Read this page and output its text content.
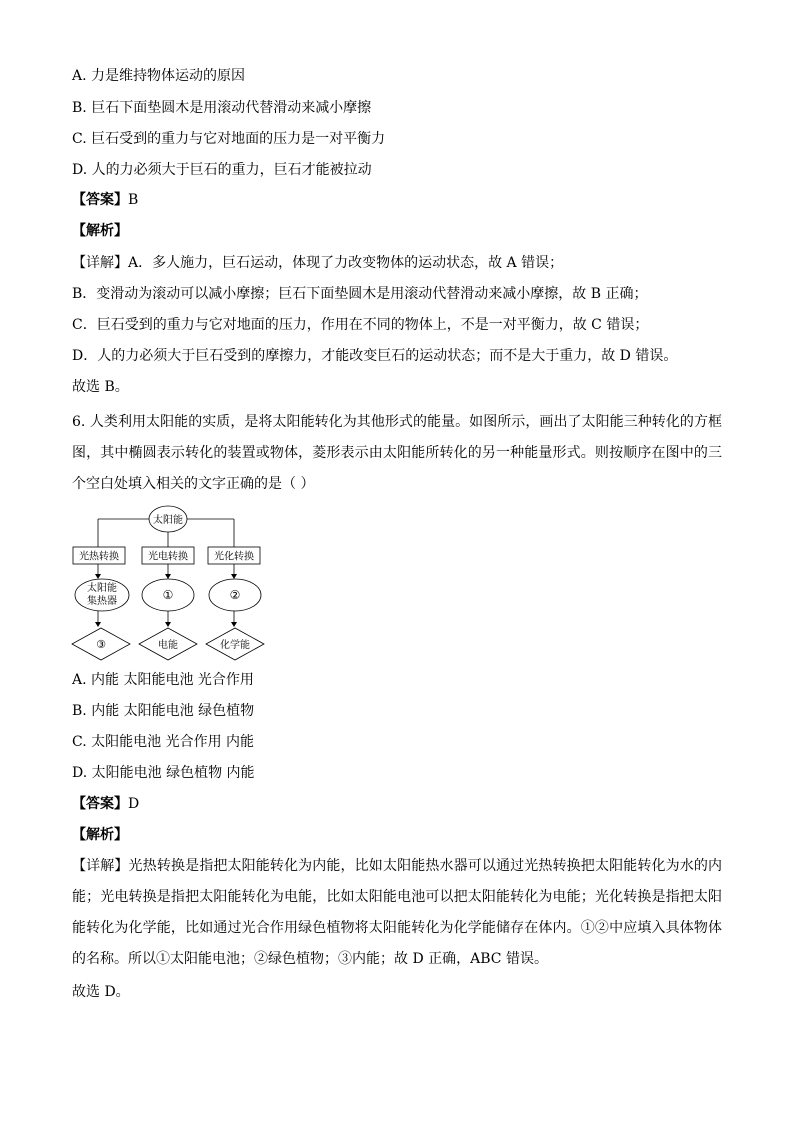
A. 力是维持物体运动的原因
B. 巨石下面垫圆木是用滚动代替滑动来减小摩擦
C. 巨石受到的重力与它对地面的压力是一对平衡力
D. 人的力必须大于巨石的重力，巨石才能被拉动
【答案】B
【解析】
【详解】A．多人施力，巨石运动，体现了力改变物体的运动状态，故 A 错误；
B．变滑动为滚动可以减小摩擦；巨石下面垫圆木是用滚动代替滑动来减小摩擦，故 B 正确；
C．巨石受到的重力与它对地面的压力，作用在不同的物体上，不是一对平衡力，故 C 错误；
D．人的力必须大于巨石受到的摩擦力，才能改变巨石的运动状态；而不是大于重力，故 D 错误。
故选 B。
6. 人类利用太阳能的实质，是将太阳能转化为其他形式的能量。如图所示，画出了太阳能三种转化的方框图，其中椭圆表示转化的装置或物体，菱形表示由太阳能所转化的另一种能量形式。则按顺序在图中的三个空白处填入相关的文字正确的是（ ）
太阳能
光热转换	光电转换	光化转换
太阳能
集热器	①	②
③	电能	化学能
A. 内能 太阳能电池 光合作用
B. 内能 太阳能电池 绿色植物
C. 太阳能电池 光合作用 内能
D. 太阳能电池 绿色植物 内能
【答案】D
【解析】
【详解】光热转换是指把太阳能转化为内能，比如太阳能热水器可以通过光热转换把太阳能转化为水的内能；光电转换是指把太阳能转化为电能，比如太阳能电池可以把太阳能转化为电能；光化转换是指把太阳能转化为化学能，比如通过光合作用绿色植物将太阳能转化为化学能储存在体内。①②中应填入具体物体的名称。所以①太阳能电池；②绿色植物；③内能；故 D 正确，ABC 错误。
故选 D。
